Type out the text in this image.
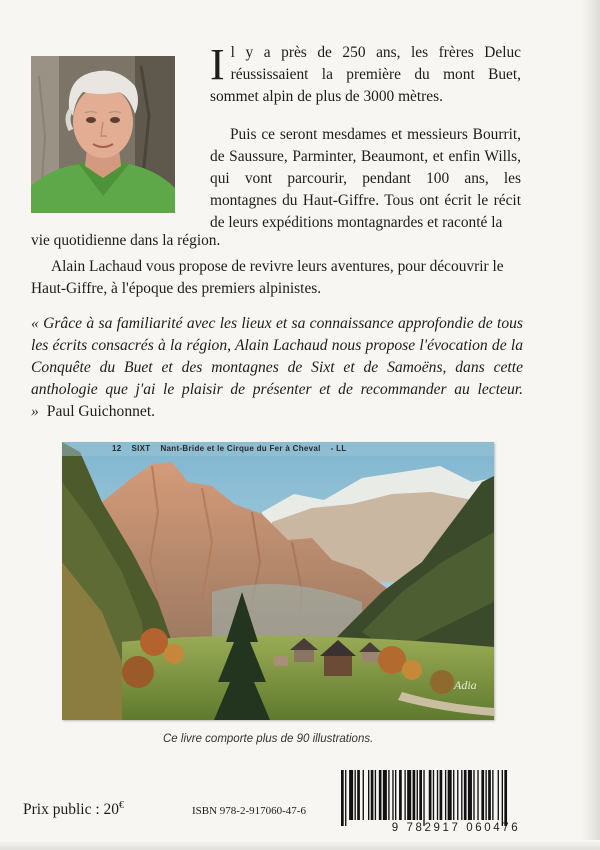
Il y a près de 250 ans, les frères Deluc réussissaient la première du mont Buet, sommet alpin de plus de 3000 mètres.

Puis ce seront mesdames et messieurs Bourrit, de Saussure, Parminter, Beaumont, et enfin Wills, qui vont parcourir, pendant 100 ans, les montagnes du Haut-Giffre. Tous ont écrit le récit de leurs expéditions montagnardes et raconté la

vie quotidienne dans la région.

Alain Lachaud vous propose de revivre leurs aventures, pour découvrir le Haut-Giffre, à l'époque des premiers alpinistes.

« Grâce à sa familiarité avec les lieux et sa connaissance approfondie de tous les écrits consacrés à la région, Alain Lachaud nous propose l'évocation de la Conquête du Buet et des montagnes de Sixt et de Samoëns, dans cette anthologie que j'ai le plaisir de présenter et de recommander au lecteur. » Paul Guichonnet.

12 SIXT Nant-Bride et le Cirque du Fer à Cheval - LL
Adia
Ce livre comporte plus de 90 illustrations.
Prix public : 20€	ISBN 978-2-917060-47-6
9 782917 060476
